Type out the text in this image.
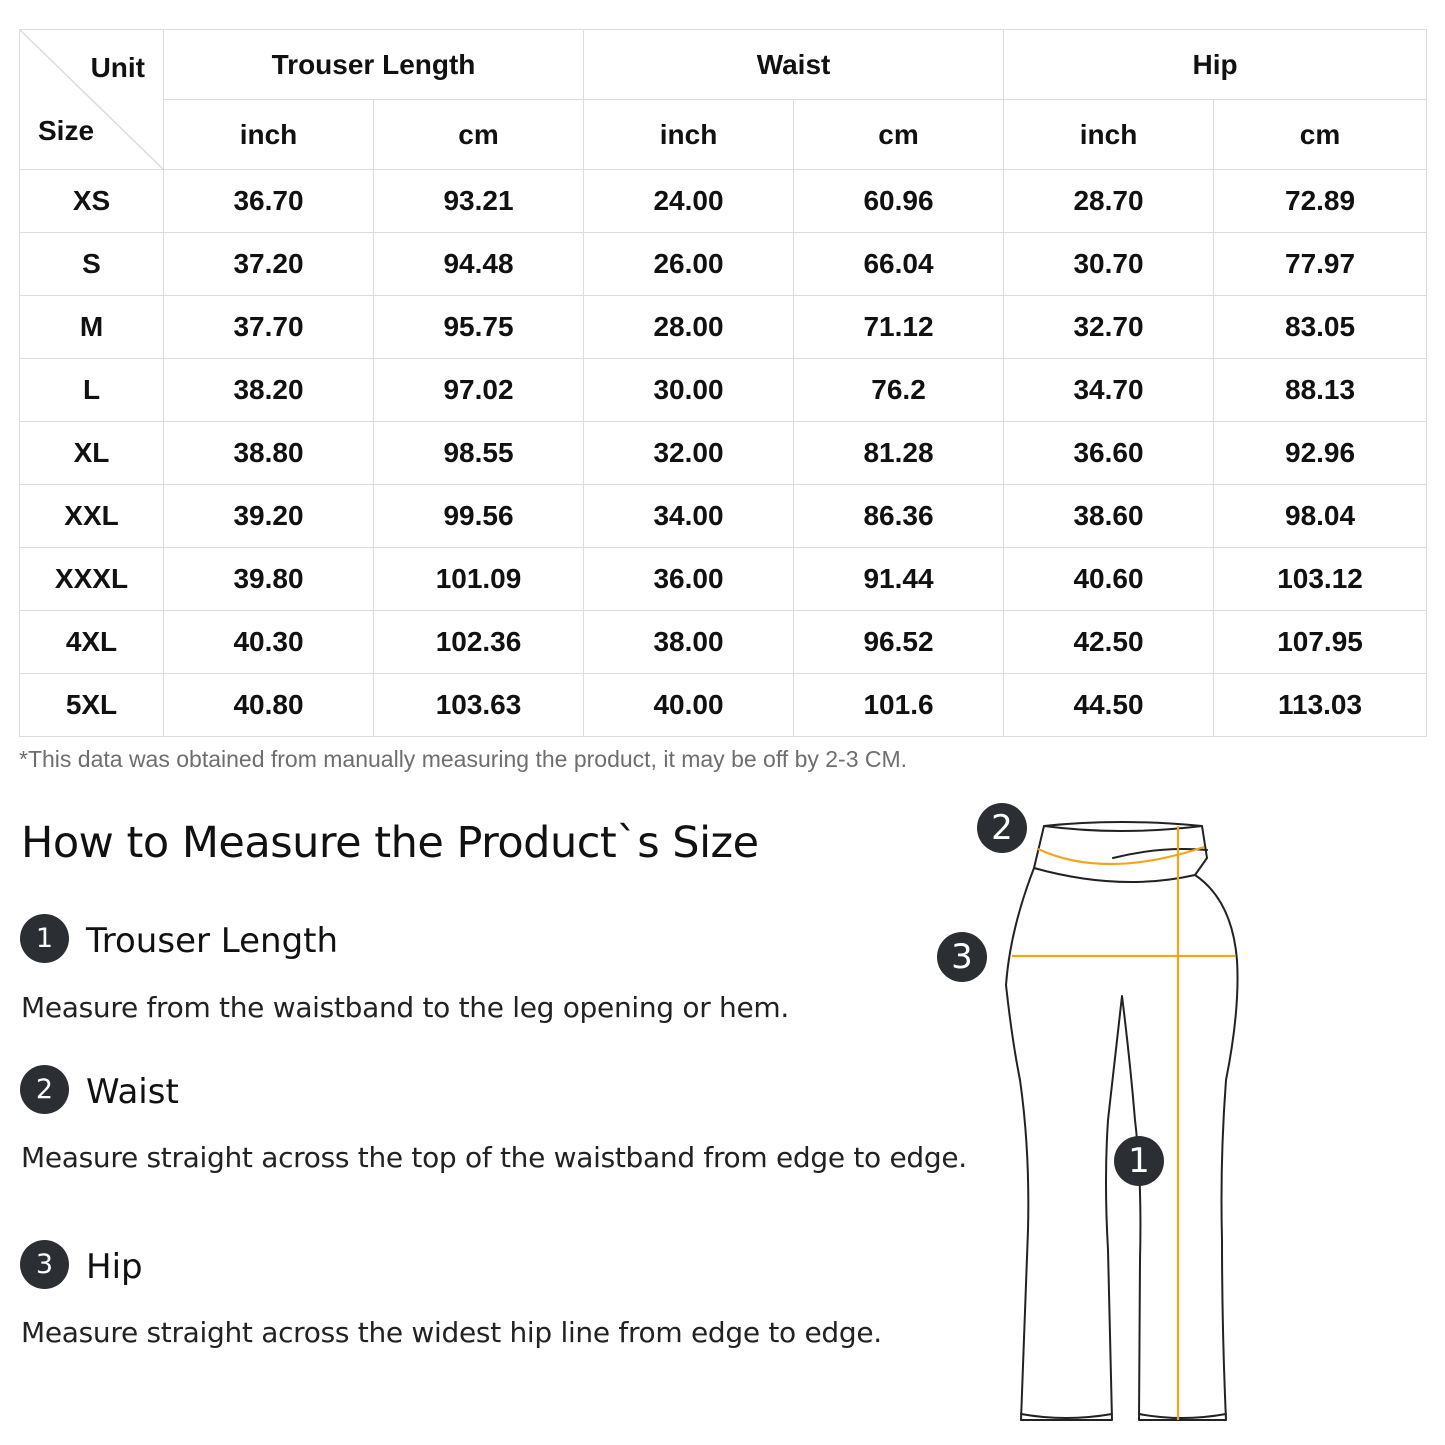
Unit
Size	Trouser Length		Waist		Hip	
	inch	cm	inch	cm	inch	cm
XS	36.70	93.21	24.00	60.96	28.70	72.89
S	37.20	94.48	26.00	66.04	30.70	77.97
M	37.70	95.75	28.00	71.12	32.70	83.05
L	38.20	97.02	30.00	76.2	34.70	88.13
XL	38.80	98.55	32.00	81.28	36.60	92.96
XXL	39.20	99.56	34.00	86.36	38.60	98.04
XXXL	39.80	101.09	36.00	91.44	40.60	103.12
4XL	40.30	102.36	38.00	96.52	42.50	107.95
5XL	40.80	103.63	40.00	101.6	44.50	113.03
*This data was obtained from manually measuring the product, it may be off by 2-3 CM.
How to Measure the Product`s Size
1 Trouser Length
Measure from the waistband to the leg opening or hem.
2 Waist
Measure straight across the top of the waistband from edge to edge.
3 Hip
Measure straight across the widest hip line from edge to edge.
2
3
1
